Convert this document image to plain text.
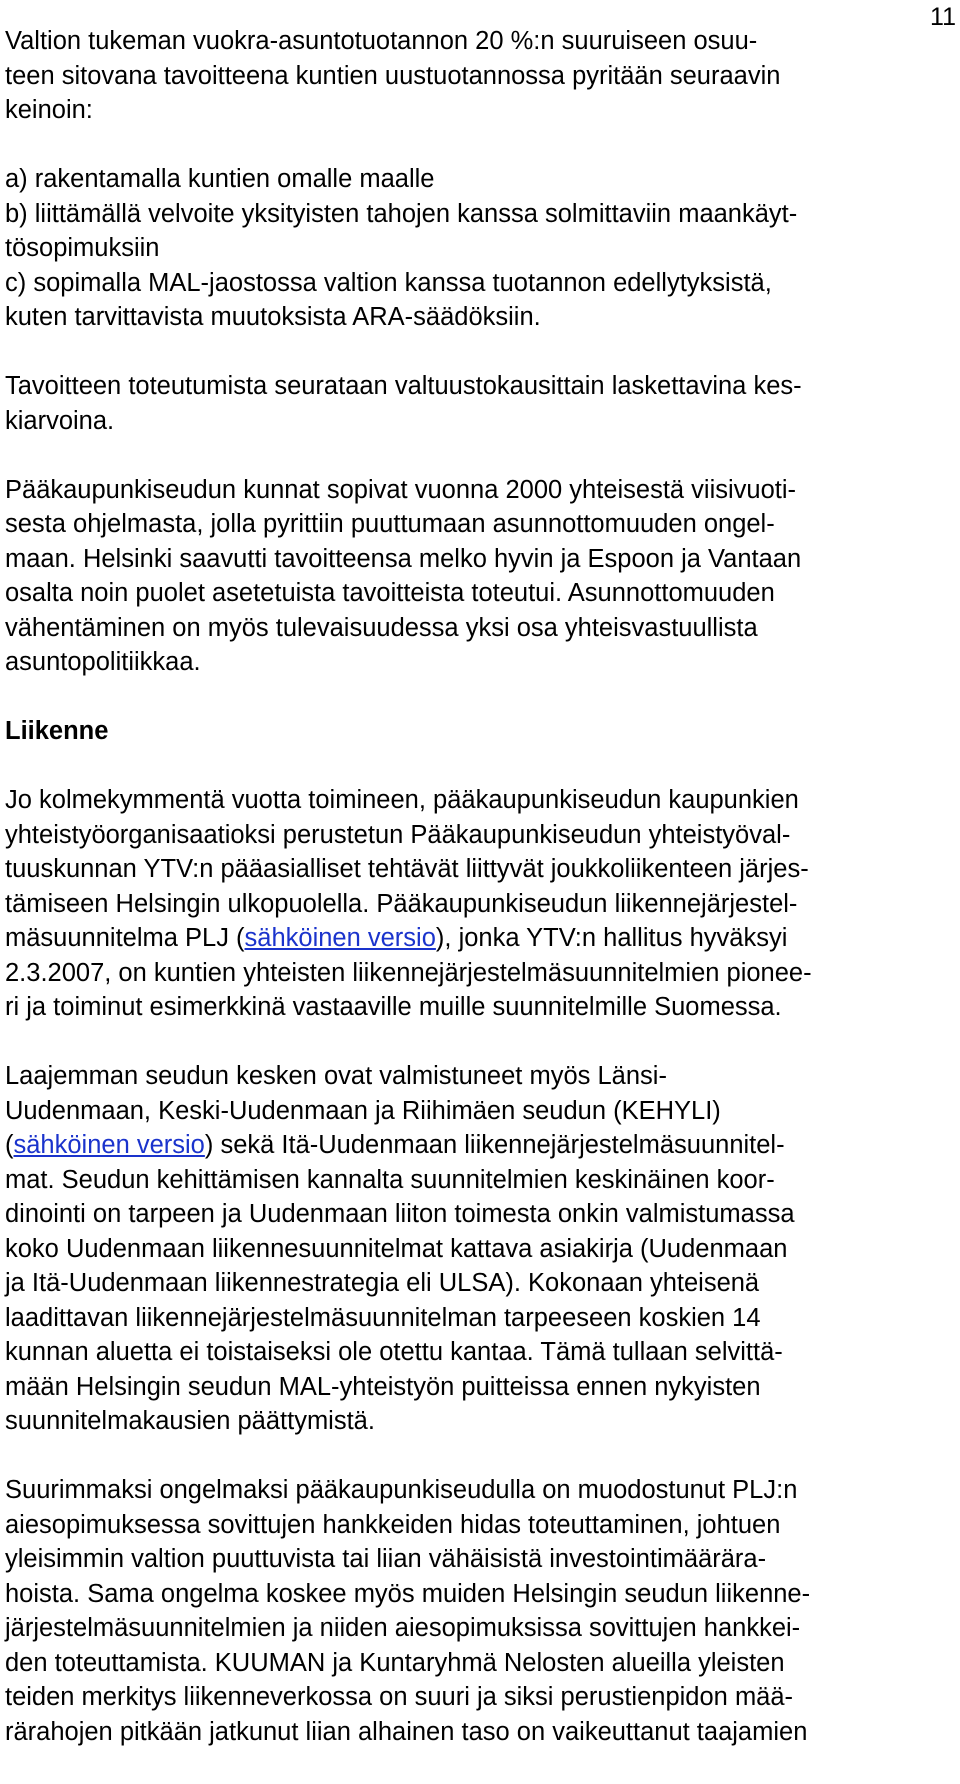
11

Valtion tukeman vuokra-asuntotuotannon 20 %:n suuruiseen osuu-
teen sitovana tavoitteena kuntien uustuotannossa pyritään seuraavin
keinoin:

a) rakentamalla kuntien omalle maalle
b) liittämällä velvoite yksityisten tahojen kanssa solmittaviin maankäyt-
tösopimuksiin
c) sopimalla MAL-jaostossa valtion kanssa tuotannon edellytyksistä,
kuten tarvittavista muutoksista ARA-säädöksiin.

Tavoitteen toteutumista seurataan valtuustokausittain laskettavina kes-
kiarvoina.

Pääkaupunkiseudun kunnat sopivat vuonna 2000 yhteisestä viisivuoti-
sesta ohjelmasta, jolla pyrittiin puuttumaan asunnottomuuden ongel-
maan. Helsinki saavutti tavoitteensa melko hyvin ja Espoon ja Vantaan
osalta noin puolet asetetuista tavoitteista toteutui. Asunnottomuuden
vähentäminen on myös tulevaisuudessa yksi osa yhteisvastuullista
asuntopolitiikkaa.

Liikenne

Jo kolmekymmentä vuotta toimineen, pääkaupunkiseudun kaupunkien
yhteistyöorganisaatioksi perustetun Pääkaupunkiseudun yhteistyöval-
tuuskunnan YTV:n pääasialliset tehtävät liittyvät joukkoliikenteen järjes-
tämiseen Helsingin ulkopuolella. Pääkaupunkiseudun liikennejärjestel-
mäsuunnitelma PLJ (sähköinen versio), jonka YTV:n hallitus hyväksyi
2.3.2007, on kuntien yhteisten liikennejärjestelmäsuunnitelmien pionee-
ri ja toiminut esimerkkinä vastaaville muille suunnitelmille Suomessa.

Laajemman seudun kesken ovat valmistuneet myös Länsi-
Uudenmaan, Keski-Uudenmaan ja Riihimäen seudun (KEHYLI)
(sähköinen versio) sekä Itä-Uudenmaan liikennejärjestelmäsuunnitel-
mat. Seudun kehittämisen kannalta suunnitelmien keskinäinen koor-
dinointi on tarpeen ja Uudenmaan liiton toimesta onkin valmistumassa
koko Uudenmaan liikennesuunnitelmat kattava asiakirja (Uudenmaan
ja Itä-Uudenmaan liikennestrategia eli ULSA). Kokonaan yhteisenä
laadittavan liikennejärjestelmäsuunnitelman tarpeeseen koskien 14
kunnan aluetta ei toistaiseksi ole otettu kantaa. Tämä tullaan selvittä-
mään Helsingin seudun MAL-yhteistyön puitteissa ennen nykyisten
suunnitelmakausien päättymistä.

Suurimmaksi ongelmaksi pääkaupunkiseudulla on muodostunut PLJ:n
aiesopimuksessa sovittujen hankkeiden hidas toteuttaminen, johtuen
yleisimmin valtion puuttuvista tai liian vähäisistä investointimäärära-
hoista. Sama ongelma koskee myös muiden Helsingin seudun liikenne-
järjestelmäsuunnitelmien ja niiden aiesopimuksissa sovittujen hankkei-
den toteuttamista. KUUMAN ja Kuntaryhmä Nelosten alueilla yleisten
teiden merkitys liikenneverkossa on suuri ja siksi perustienpidon mää-
rärahojen pitkään jatkunut liian alhainen taso on vaikeuttanut taajamien
